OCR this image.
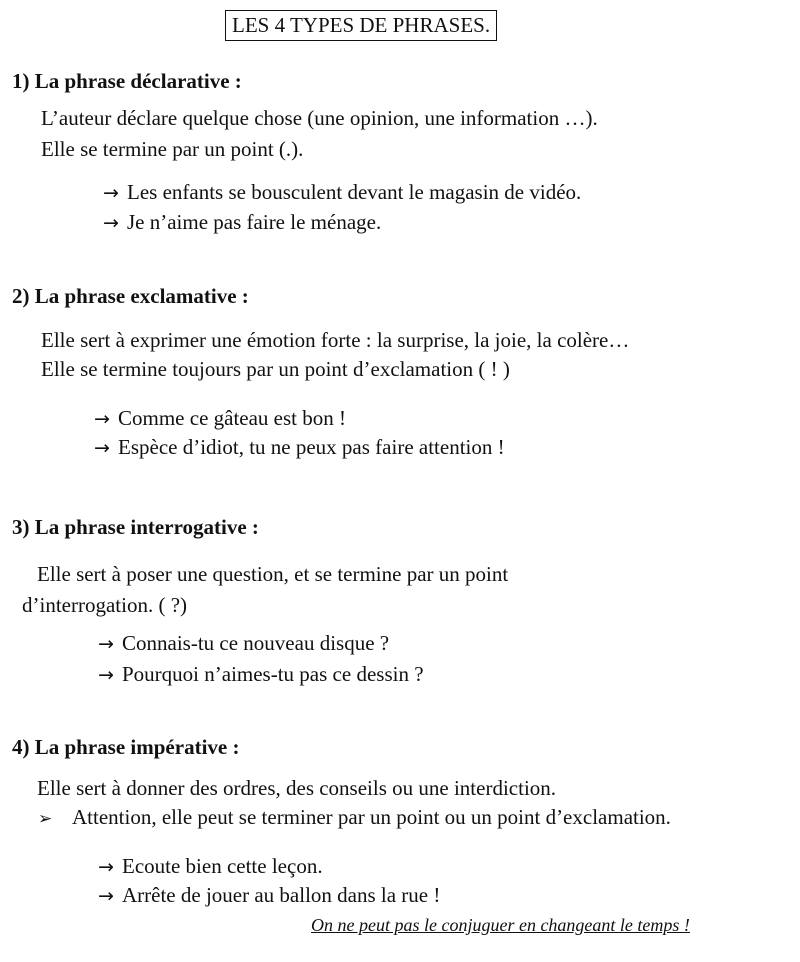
LES 4 TYPES DE PHRASES.
1) La phrase déclarative :
L’auteur déclare quelque chose (une opinion, une information …).
Elle se termine par un point (.).
→ Les enfants se bousculent devant le magasin de vidéo.
→ Je n’aime pas faire le ménage.
2) La phrase exclamative :
Elle sert à exprimer une émotion forte : la surprise, la joie, la colère…
Elle se termine toujours par un point d’exclamation ( ! )
→ Comme ce gâteau est bon !
→ Espèce d’idiot, tu ne peux pas faire attention !
3) La phrase interrogative :
Elle sert à poser une question, et se termine par un point
d’interrogation. ( ?)
→ Connais-tu ce nouveau disque ?
→ Pourquoi n’aimes-tu pas ce dessin ?
4) La phrase impérative :
Elle sert à donner des ordres, des conseils ou une interdiction.
➢ Attention, elle peut se terminer par un point ou un point d’exclamation.
→ Ecoute bien cette leçon.
→ Arrête de jouer au ballon dans la rue !
On ne peut pas le conjuguer en changeant le temps !
